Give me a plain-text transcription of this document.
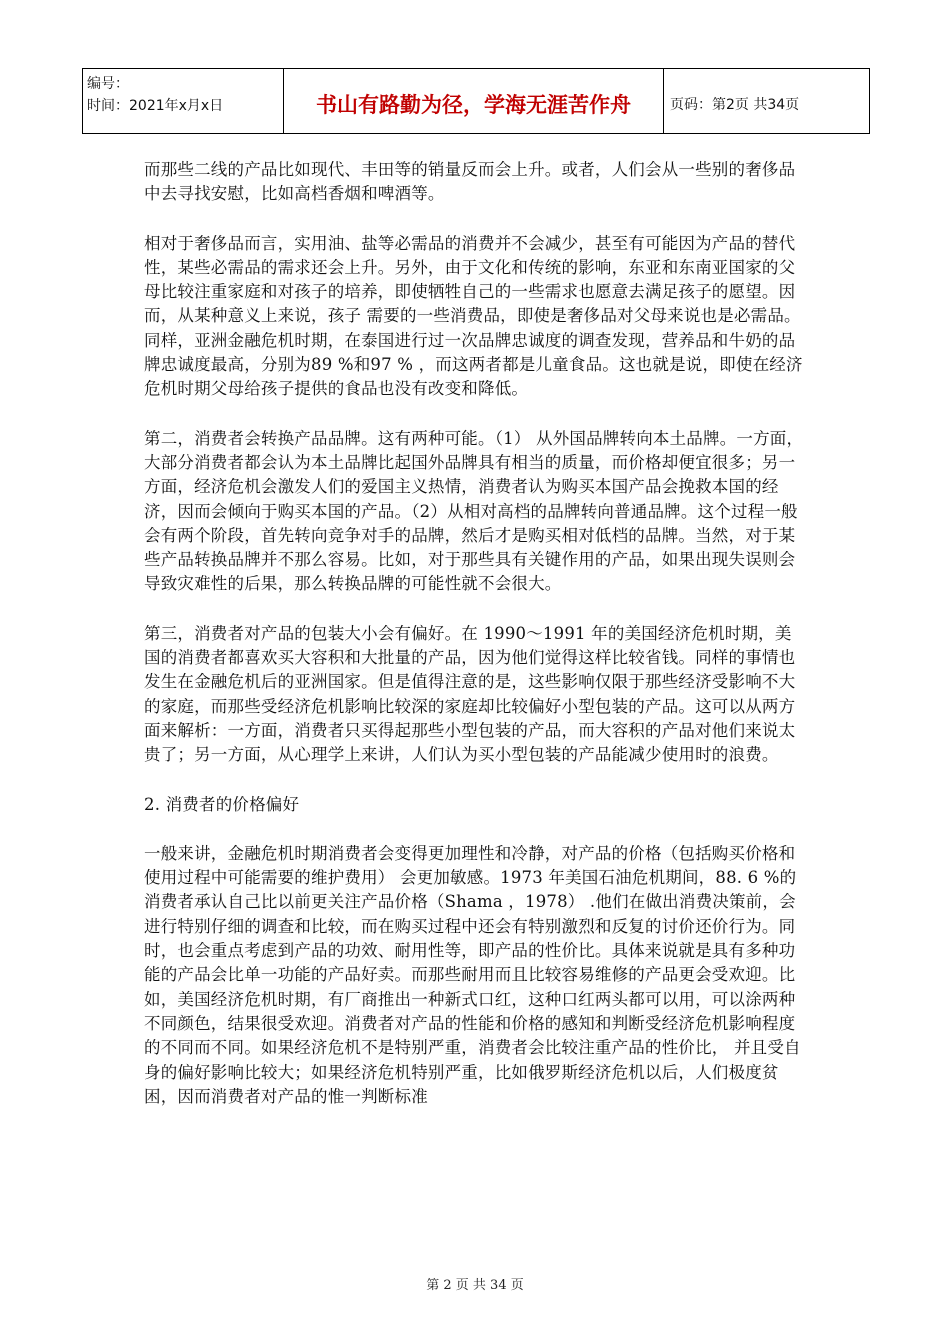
编号：
时间：2021年x月x日	书山有路勤为径，学海无涯苦作舟	页码：第2页 共34页

而那些二线的产品比如现代、丰田等的销量反而会上升。或者，人们会从一些别的奢侈品中去寻找安慰，比如高档香烟和啤酒等。

相对于奢侈品而言，实用油、盐等必需品的消费并不会减少，甚至有可能因为产品的替代性，某些必需品的需求还会上升。另外，由于文化和传统的影响，东亚和东南亚国家的父母比较注重家庭和对孩子的培养，即使牺牲自己的一些需求也愿意去满足孩子的愿望。因而，从某种意义上来说，孩子 需要的一些消费品，即使是奢侈品对父母来说也是必需品。同样，亚洲金融危机时期，在泰国进行过一次品牌忠诚度的调查发现，营养品和牛奶的品牌忠诚度最高，分别为89 %和97 % ，而这两者都是儿童食品。这也就是说，即使在经济危机时期父母给孩子提供的食品也没有改变和降低。

第二，消费者会转换产品品牌。这有两种可能。（1） 从外国品牌转向本土品牌。一方面，大部分消费者都会认为本土品牌比起国外品牌具有相当的质量，而价格却便宜很多；另一方面，经济危机会激发人们的爱国主义热情，消费者认为购买本国产品会挽救本国的经济，因而会倾向于购买本国的产品。（2）从相对高档的品牌转向普通品牌。这个过程一般会有两个阶段，首先转向竞争对手的品牌，然后才是购买相对低档的品牌。当然，对于某些产品转换品牌并不那么容易。比如，对于那些具有关键作用的产品，如果出现失误则会导致灾难性的后果，那么转换品牌的可能性就不会很大。

第三，消费者对产品的包装大小会有偏好。在 1990～1991 年的美国经济危机时期，美国的消费者都喜欢买大容积和大批量的产品，因为他们觉得这样比较省钱。同样的事情也发生在金融危机后的亚洲国家。但是值得注意的是，这些影响仅限于那些经济受影响不大的家庭，而那些受经济危机影响比较深的家庭却比较偏好小型包装的产品。这可以从两方面来解析：一方面，消费者只买得起那些小型包装的产品，而大容积的产品对他们来说太贵了；另一方面，从心理学上来讲，人们认为买小型包装的产品能减少使用时的浪费。

2. 消费者的价格偏好

一般来讲，金融危机时期消费者会变得更加理性和冷静，对产品的价格（包括购买价格和使用过程中可能需要的维护费用） 会更加敏感。1973 年美国石油危机期间，88. 6 %的消费者承认自己比以前更关注产品价格（Shama ，1978） .他们在做出消费决策前，会进行特别仔细的调查和比较，而在购买过程中还会有特别激烈和反复的讨价还价行为。同时，也会重点考虑到产品的功效、耐用性等，即产品的性价比。具体来说就是具有多种功能的产品会比单一功能的产品好卖。而那些耐用而且比较容易维修的产品更会受欢迎。比如，美国经济危机时期，有厂商推出一种新式口红，这种口红两头都可以用，可以涂两种不同颜色，结果很受欢迎。消费者对产品的性能和价格的感知和判断受经济危机影响程度的不同而不同。如果经济危机不是特别严重，消费者会比较注重产品的性价比， 并且受自身的偏好影响比较大；如果经济危机特别严重，比如俄罗斯经济危机以后，人们极度贫困，因而消费者对产品的惟一判断标准

第 2 页 共 34 页
